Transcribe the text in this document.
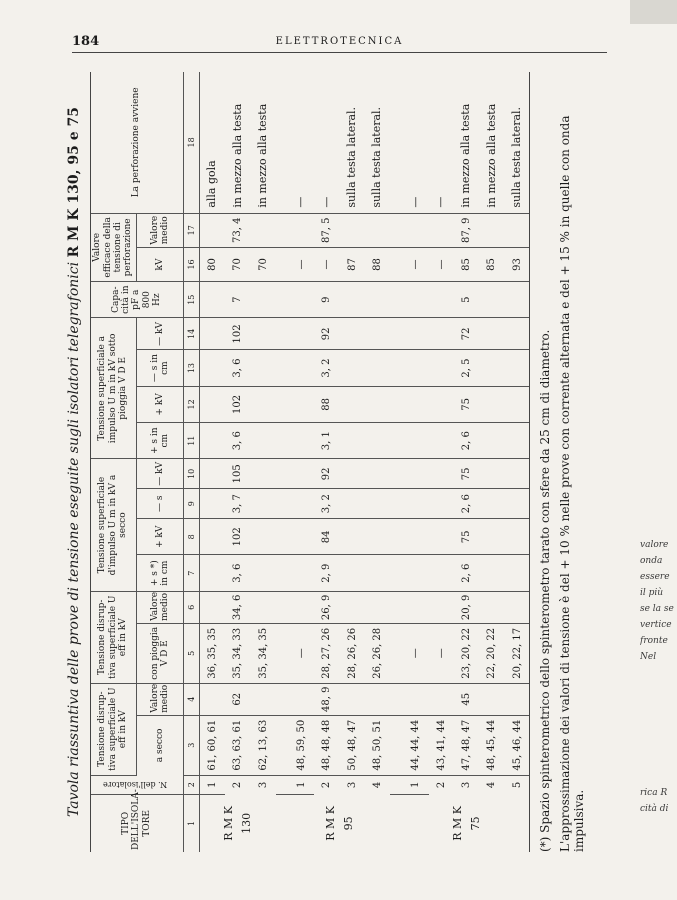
184	ELETTROTECNICA
Tavola riassuntiva delle prove di tensione eseguite sugli isolatori telegrafonici R M K 130, 95 e 75
TIPO DELL'ISOLA- TORE	N. dell'isolatore	Tensione disrup- tiva superficiale U eff in kV		Tensione disrup- tiva superficiale U eff in kV		Tensione superficiale d'impulso U m in kV a secco				Tensione superficiale a impulso U m in kV sotto pioggia V D E				Capa- cità in pF a 800 Hz	Valore efficace della tensione di perforazione		La perforazione avviene
		a secco	Valore medio	con pioggia V D E	Valore medio	+ s *) in cm	+ kV	— s	— kV	+ s in cm	+ kV	— s in cm	— kV		kV	Valore medio	
1	2	3	4	5	6	7	8	9	10	11	12	13	14	15	16	17	18
R M K 130	1	61, 60, 61		36, 35, 35											80		alla gola
	2	63, 63, 61	62	35, 34, 33	34, 6	3, 6	102	3, 7	105	3, 6	102	3, 6	102	7	70	73, 4	in mezzo alla testa
	3	62, 13, 63		35, 34, 35											70		in mezzo alla testa

R M K 95	1	48, 59, 50		—											—		—
	2	48, 48, 48	48, 9	28, 27, 26	26, 9	2, 9	84	3, 2	92	3, 1	88	3, 2	92	9	—	87, 5	—
	3	50, 48, 47		28, 26, 26											87		sulla testa lateral.
	4	48, 50, 51		26, 26, 28											88		sulla testa lateral.

R M K 75	1	44, 44, 44		—											—		—
	2	43, 41, 44		—											—		—
	3	47, 48, 47	45	23, 20, 22	20, 9	2, 6	75	2, 6	75	2, 6	75	2, 5	72	5	85	87, 9	in mezzo alla testa
	4	48, 45, 44		22, 20, 22											85		in mezzo alla testa
	5	45, 46, 44		20, 22, 17											93		sulla testa lateral.
(*) Spazio spinterometrico dello spinterometro tarato con sfere da 25 cm di diametro. L'approssimazione dei valori di tensione è del + 10 % nelle prove con corrente alternata e del + 15 % in quelle con onda impulsiva.
valore
onda
essere
il più
se la se
vertice
fronte
Nel
rica R
cità di
